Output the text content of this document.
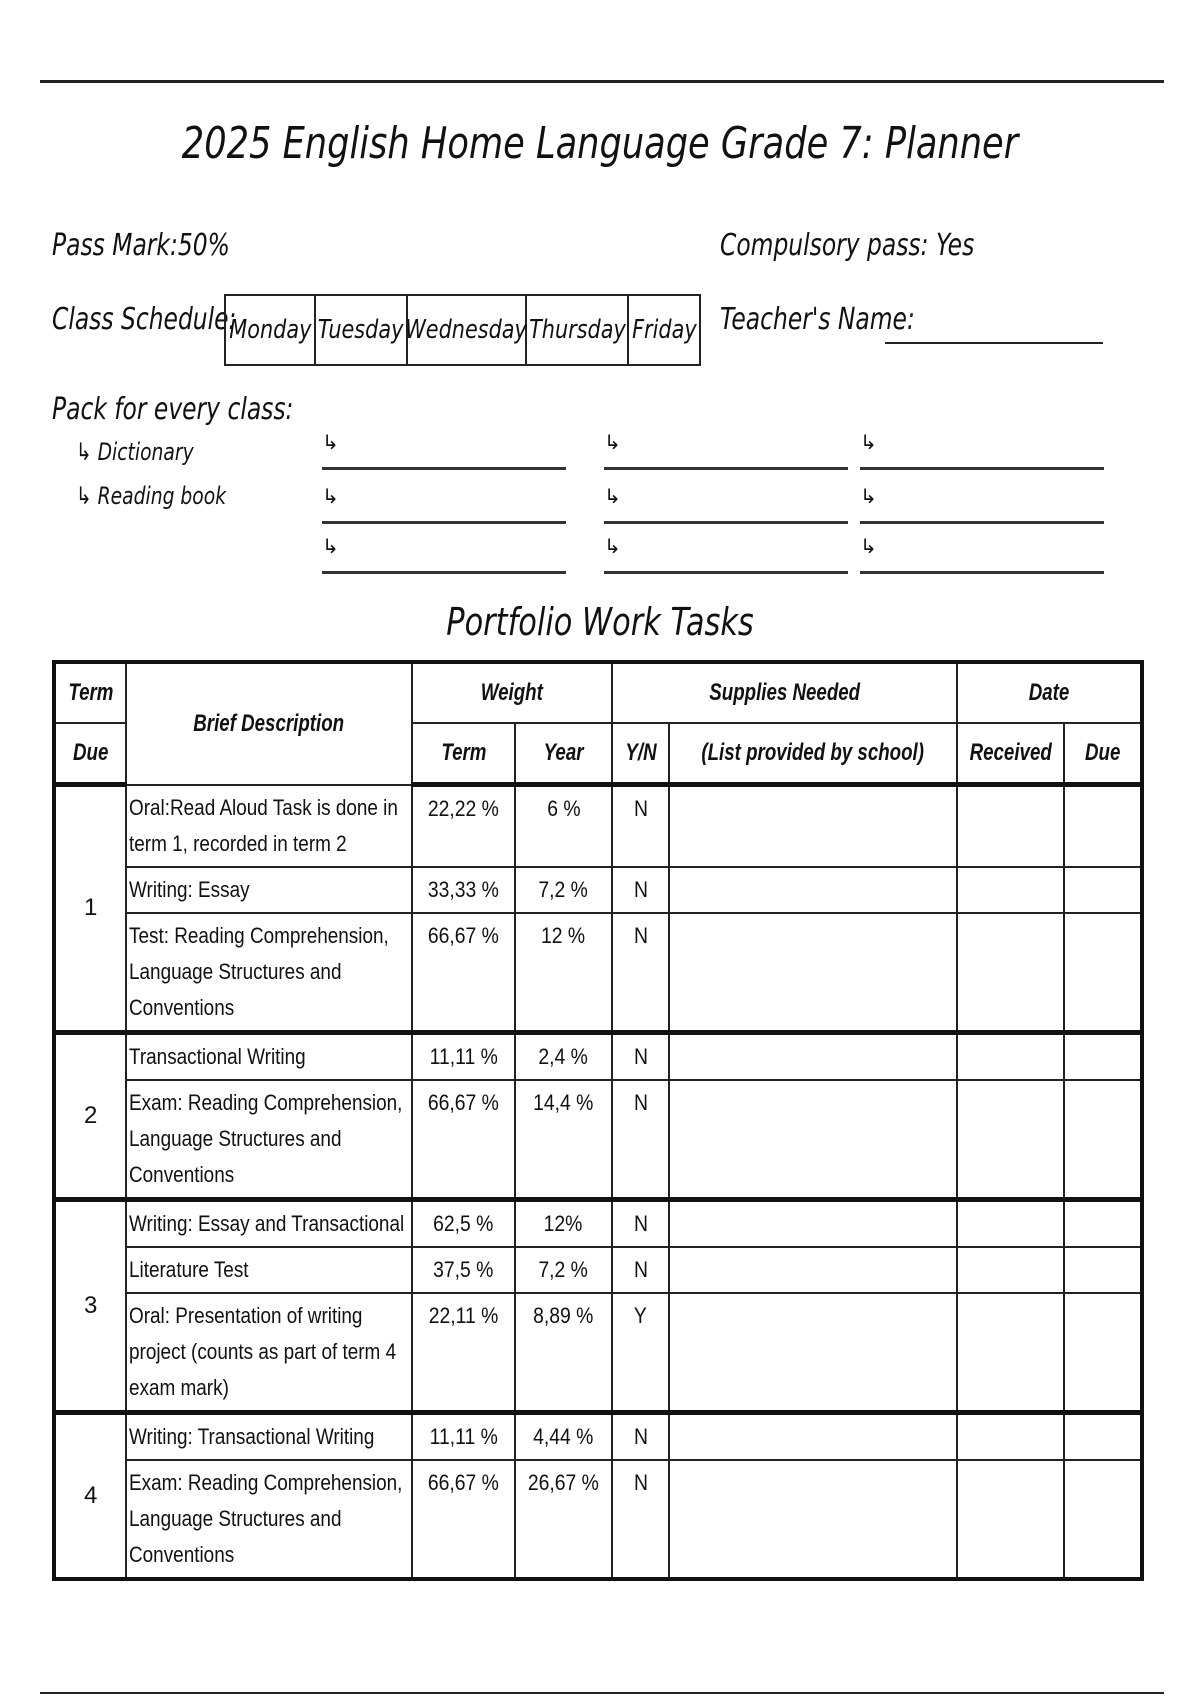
2025 English Home Language Grade 7: Planner
Pass Mark:50%	Compulsory pass: Yes
Class Schedule:
Monday Tuesday Wednesday Thursday Friday Teacher's Name:
Pack for every class:
↳ Dictionary
↳ Reading book
↳
↳
↳
↳
↳
↳
↳
↳
↳
Portfolio Work Tasks
Term	Brief Description	Weight		Supplies Needed		Date	
Due		Term	Year	Y/N	(List provided by school)	Received	Due
1	Oral:Read Aloud Task is done in term 1, recorded in term 2	22,22 %	6 %	N			
	Writing: Essay	33,33 %	7,2 %	N			
	Test: Reading Comprehension, Language Structures and Conventions	66,67 %	12 %	N			
2	Transactional Writing	11,11 %	2,4 %	N			
	Exam: Reading Comprehension, Language Structures and Conventions	66,67 %	14,4 %	N			
3	Writing: Essay and Transactional	62,5 %	12%	N			
	Literature Test	37,5 %	7,2 %	N			
	Oral: Presentation of writing project (counts as part of term 4 exam mark)	22,11 %	8,89 %	Y			
4	Writing: Transactional Writing	11,11 %	4,44 %	N			
	Exam: Reading Comprehension, Language Structures and Conventions	66,67 %	26,67 %	N			
